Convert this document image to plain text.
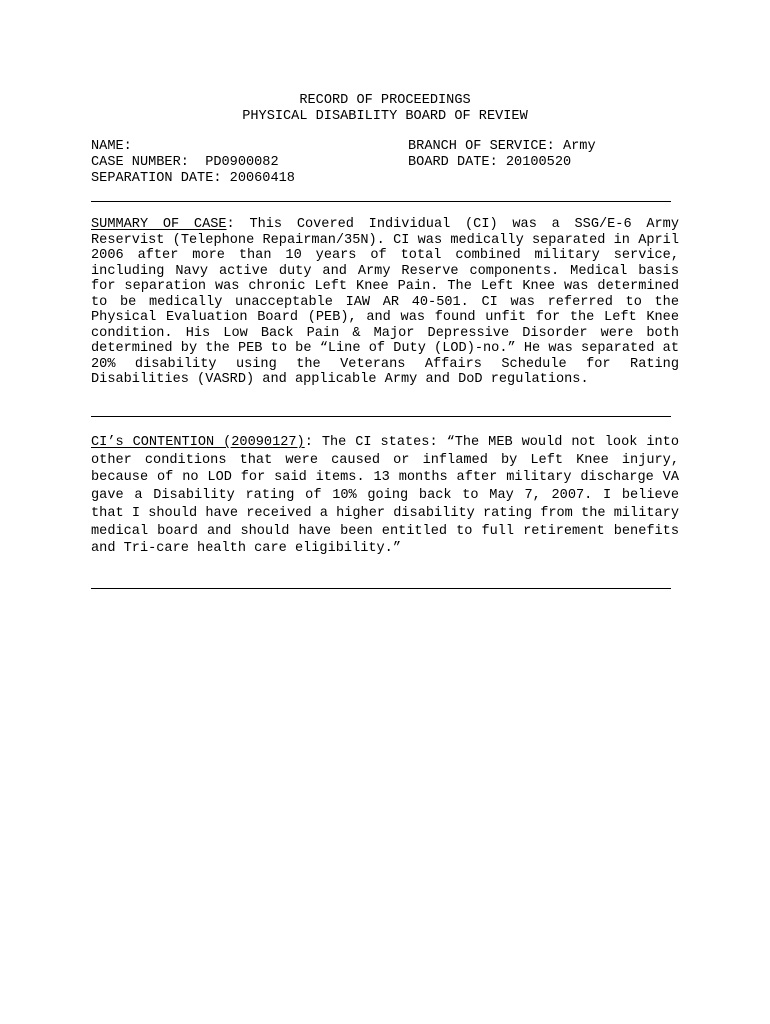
RECORD OF PROCEEDINGS
PHYSICAL DISABILITY BOARD OF REVIEW
NAME:
CASE NUMBER:  PD0900082
SEPARATION DATE: 20060418
BRANCH OF SERVICE: Army
BOARD DATE: 20100520

SUMMARY OF CASE: This Covered Individual (CI) was a SSG/E-6 Army Reservist (Telephone Repairman/35N). CI was medically separated in April 2006 after more than 10 years of total combined military service, including Navy active duty and Army Reserve components. Medical basis for separation was chronic Left Knee Pain. The Left Knee was determined to be medically unacceptable IAW AR 40-501. CI was referred to the Physical Evaluation Board (PEB), and was found unfit for the Left Knee condition. His Low Back Pain & Major Depressive Disorder were both determined by the PEB to be “Line of Duty (LOD)-no.” He was separated at 20% disability using the Veterans Affairs Schedule for Rating Disabilities (VASRD) and applicable Army and DoD regulations.

CI’s CONTENTION (20090127): The CI states: “The MEB would not look into other conditions that were caused or inflamed by Left Knee injury, because of no LOD for said items. 13 months after military discharge VA gave a Disability rating of 10% going back to May 7, 2007. I believe that I should have received a higher disability rating from the military medical board and should have been entitled to full retirement benefits and Tri-care health care eligibility.”
